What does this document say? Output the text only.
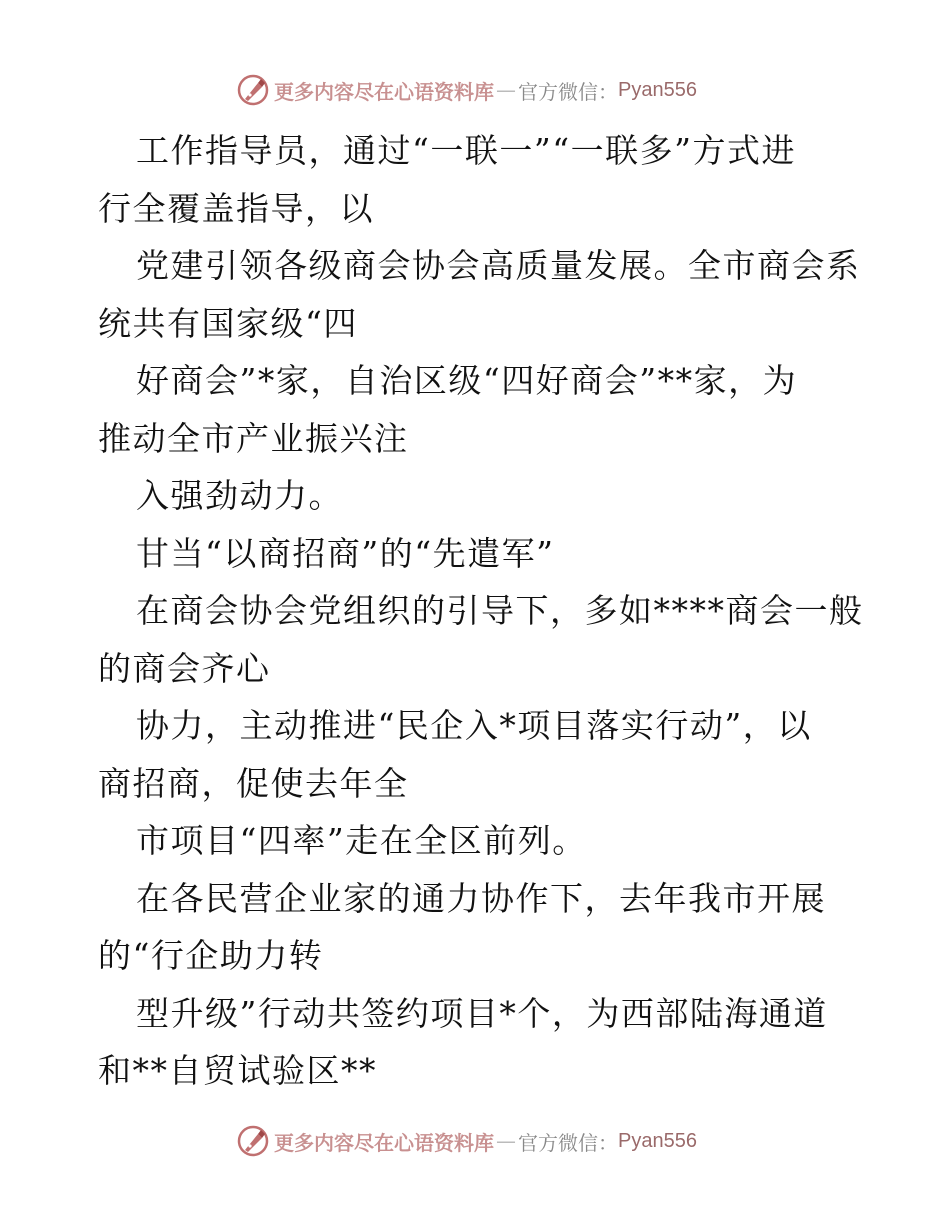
更多内容尽在心语资料库 — 官方微信： Pyan556
工作指导员，通过“一联一”“一联多”方式进
行全覆盖指导，以
党建引领各级商会协会高质量发展。全市商会系
统共有国家级“四
好商会”*家，自治区级“四好商会”**家，为
推动全市产业振兴注
入强劲动力。
甘当“以商招商”的“先遣军”
在商会协会党组织的引导下，多如****商会一般
的商会齐心
协力，主动推进“民企入*项目落实行动”，以
商招商，促使去年全
市项目“四率”走在全区前列。
在各民营企业家的通力协作下，去年我市开展
的“行企助力转
型升级”行动共签约项目*个，为西部陆海通道
和**自贸试验区**
更多内容尽在心语资料库 — 官方微信： Pyan556
